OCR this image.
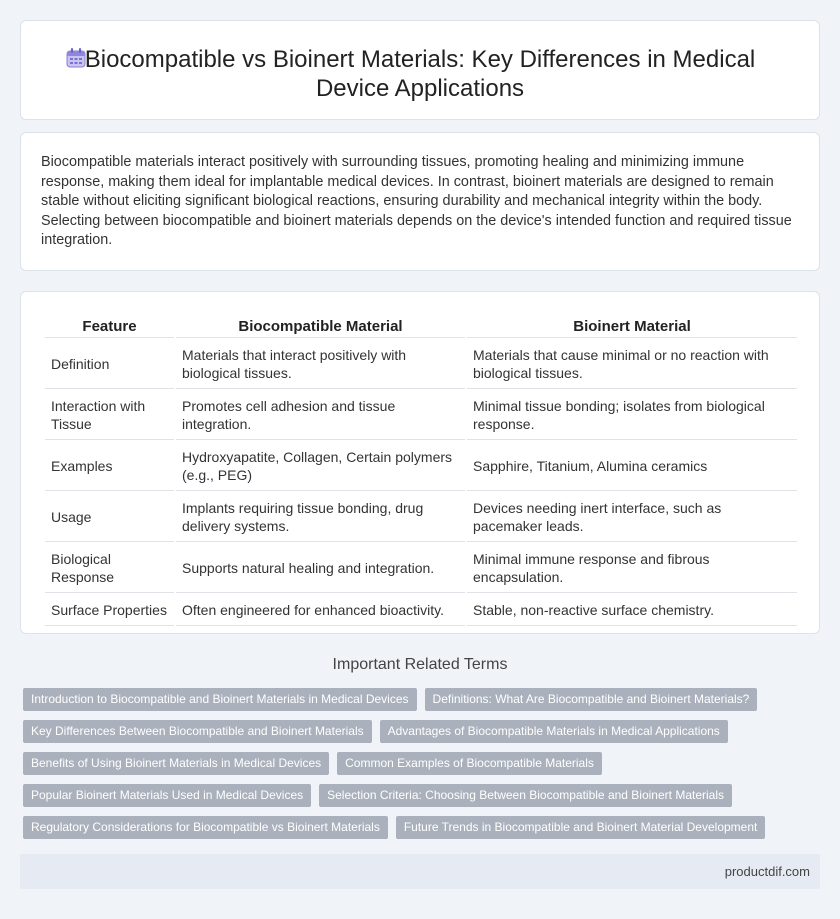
Biocompatible vs Bioinert Materials: Key Differences in Medical Device Applications

Biocompatible materials interact positively with surrounding tissues, promoting healing and minimizing immune response, making them ideal for implantable medical devices. In contrast, bioinert materials are designed to remain stable without eliciting significant biological reactions, ensuring durability and mechanical integrity within the body. Selecting between biocompatible and bioinert materials depends on the device's intended function and required tissue integration.

Feature	Biocompatible Material	Bioinert Material
Definition	Materials that interact positively with biological tissues.	Materials that cause minimal or no reaction with biological tissues.
Interaction with Tissue	Promotes cell adhesion and tissue integration.	Minimal tissue bonding; isolates from biological response.
Examples	Hydroxyapatite, Collagen, Certain polymers (e.g., PEG)	Sapphire, Titanium, Alumina ceramics
Usage	Implants requiring tissue bonding, drug delivery systems.	Devices needing inert interface, such as pacemaker leads.
Biological Response	Supports natural healing and integration.	Minimal immune response and fibrous encapsulation.
Surface Properties	Often engineered for enhanced bioactivity.	Stable, non-reactive surface chemistry.
Important Related Terms
Introduction to Biocompatible and Bioinert Materials in Medical Devices	Definitions: What Are Biocompatible and Bioinert Materials?
Key Differences Between Biocompatible and Bioinert Materials	Advantages of Biocompatible Materials in Medical Applications
Benefits of Using Bioinert Materials in Medical Devices	Common Examples of Biocompatible Materials
Popular Bioinert Materials Used in Medical Devices	Selection Criteria: Choosing Between Biocompatible and Bioinert Materials
Regulatory Considerations for Biocompatible vs Bioinert Materials	Future Trends in Biocompatible and Bioinert Material Development
productdif.com
